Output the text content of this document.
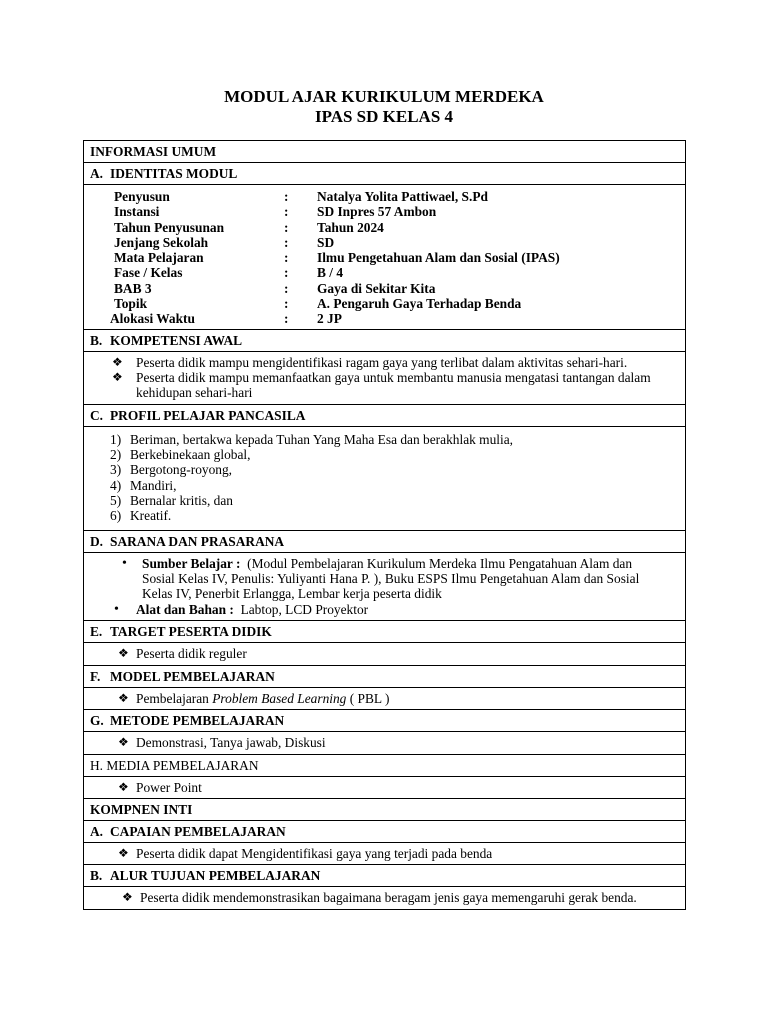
MODUL AJAR KURIKULUM MERDEKA
IPAS SD KELAS 4
INFORMASI UMUM
A. IDENTITAS MODUL

Penyusun	:	Natalya Yolita Pattiwael, S.Pd
Instansi	:	SD Inpres 57 Ambon
Tahun Penyusunan	:	Tahun 2024
Jenjang Sekolah	:	SD
Mata Pelajaran	:	Ilmu Pengetahuan Alam dan Sosial (IPAS)
Fase / Kelas	:	B / 4
BAB 3	:	Gaya di Sekitar Kita
Topik	:	A. Pengaruh Gaya Terhadap Benda
Alokasi Waktu	:	2 JP

B. KOMPETENSI AWAL

❖ Peserta didik mampu mengidentifikasi ragam gaya yang terlibat dalam aktivitas sehari-hari.
❖ Peserta didik mampu memanfaatkan gaya untuk membantu manusia mengatasi tantangan dalam kehidupan sehari-hari

C. PROFIL PELAJAR PANCASILA

1) Beriman, bertakwa kepada Tuhan Yang Maha Esa dan berakhlak mulia,
2) Berkebinekaan global,
3) Bergotong-royong,
4) Mandiri,
5) Bernalar kritis, dan
6) Kreatif.

D. SARANA DAN PRASARANA

•	Sumber Belajar : (Modul Pembelajaran Kurikulum Merdeka Ilmu Pengatahuan Alam dan Sosial Kelas IV, Penulis: Yuliyanti Hana P. ), Buku ESPS Ilmu Pengetahuan Alam dan Sosial Kelas IV, Penerbit Erlangga, Lembar kerja peserta didik
•	Alat dan Bahan : Labtop, LCD Proyektor

E. TARGET PESERTA DIDIK

❖ Peserta didik reguler

F. MODEL PEMBELAJARAN

❖ Pembelajaran Problem Based Learning ( PBL )

G. METODE PEMBELAJARAN

❖ Demonstrasi, Tanya jawab, Diskusi

H. MEDIA PEMBELAJARAN

❖ Power Point

KOMPNEN INTI
A. CAPAIAN PEMBELAJARAN

❖ Peserta didik dapat Mengidentifikasi gaya yang terjadi pada benda

B. ALUR TUJUAN PEMBELAJARAN

❖ Peserta didik mendemonstrasikan bagaimana beragam jenis gaya memengaruhi gerak benda.
